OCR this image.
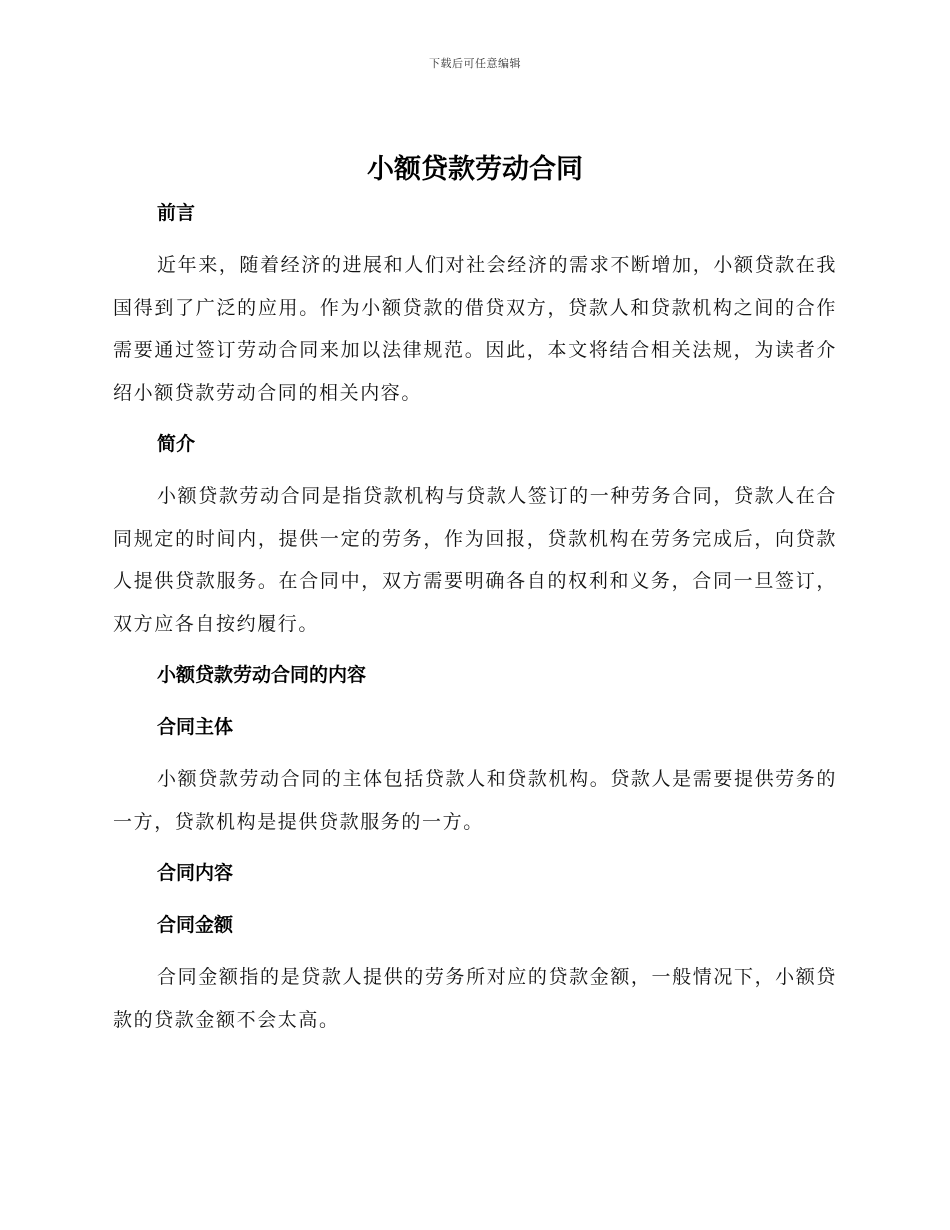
下载后可任意编辑
小额贷款劳动合同
前言

近年来，随着经济的进展和人们对社会经济的需求不断增加，小额贷款在我国得到了广泛的应用。作为小额贷款的借贷双方，贷款人和贷款机构之间的合作需要通过签订劳动合同来加以法律规范。因此，本文将结合相关法规，为读者介绍小额贷款劳动合同的相关内容。

简介

小额贷款劳动合同是指贷款机构与贷款人签订的一种劳务合同，贷款人在合同规定的时间内，提供一定的劳务，作为回报，贷款机构在劳务完成后，向贷款人提供贷款服务。在合同中，双方需要明确各自的权利和义务，合同一旦签订，双方应各自按约履行。

小额贷款劳动合同的内容
合同主体

小额贷款劳动合同的主体包括贷款人和贷款机构。贷款人是需要提供劳务的一方，贷款机构是提供贷款服务的一方。

合同内容
合同金额

合同金额指的是贷款人提供的劳务所对应的贷款金额，一般情况下，小额贷款的贷款金额不会太高。
